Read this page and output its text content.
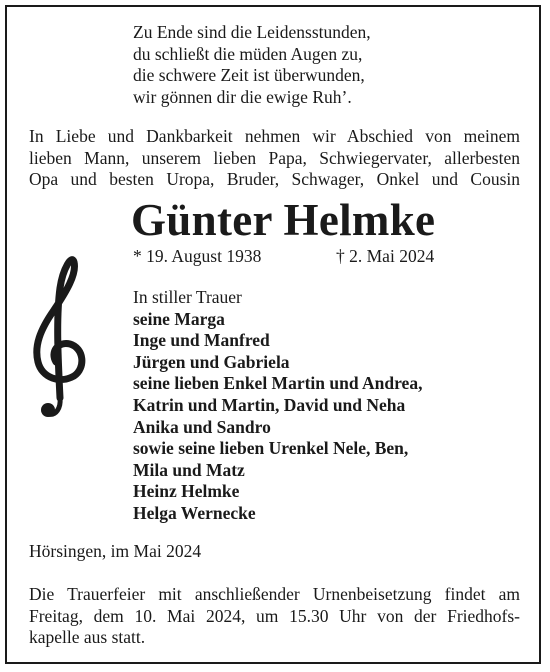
Zu Ende sind die Leidensstunden,
du schließt die müden Augen zu,
die schwere Zeit ist überwunden,
wir gönnen dir die ewige Ruh’.
In Liebe und Dankbarkeit nehmen wir Abschied von meinem
lieben Mann, unserem lieben Papa, Schwiegervater, allerbesten
Opa und besten Uropa, Bruder, Schwager, Onkel und Cousin
Günter Helmke
* 19. August 1938	† 2. Mai 2024
In stiller Trauer
seine Marga
Inge und Manfred
Jürgen und Gabriela
seine lieben Enkel Martin und Andrea,
Katrin und Martin, David und Neha
Anika und Sandro
sowie seine lieben Urenkel Nele, Ben,
Mila und Matz
Heinz Helmke
Helga Wernecke
Hörsingen, im Mai 2024
Die Trauerfeier mit anschließender Urnenbeisetzung findet am
Freitag, dem 10. Mai 2024, um 15.30 Uhr von der Friedhofs-
kapelle aus statt.
